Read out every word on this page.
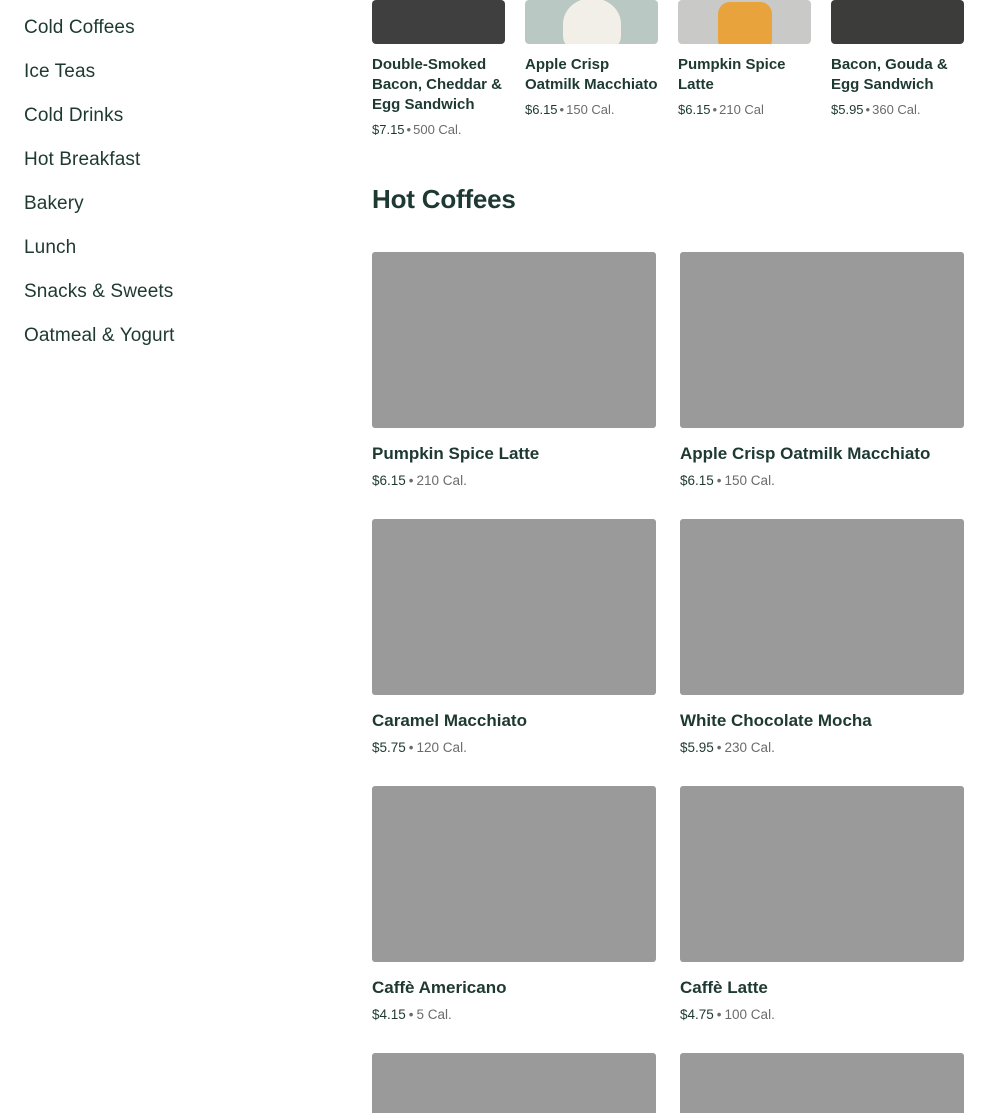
Cold Coffees
Ice Teas
Cold Drinks
Hot Breakfast
Bakery
Lunch
Snacks & Sweets
Oatmeal & Yogurt
Double-Smoked Bacon, Cheddar & Egg Sandwich
$7.15 • 500 Cal.
Apple Crisp Oatmilk Macchiato
$6.15 • 150 Cal.
Pumpkin Spice Latte
$6.15 • 210 Cal
Bacon, Gouda & Egg Sandwich
$5.95 • 360 Cal.
Hot Coffees
Pumpkin Spice Latte
$6.15 • 210 Cal.
Apple Crisp Oatmilk Macchiato
$6.15 • 150 Cal.
Caramel Macchiato
$5.75 • 120 Cal.
White Chocolate Mocha
$5.95 • 230 Cal.
Caffè Americano
$4.15 • 5 Cal.
Caffè Latte
$4.75 • 100 Cal.
